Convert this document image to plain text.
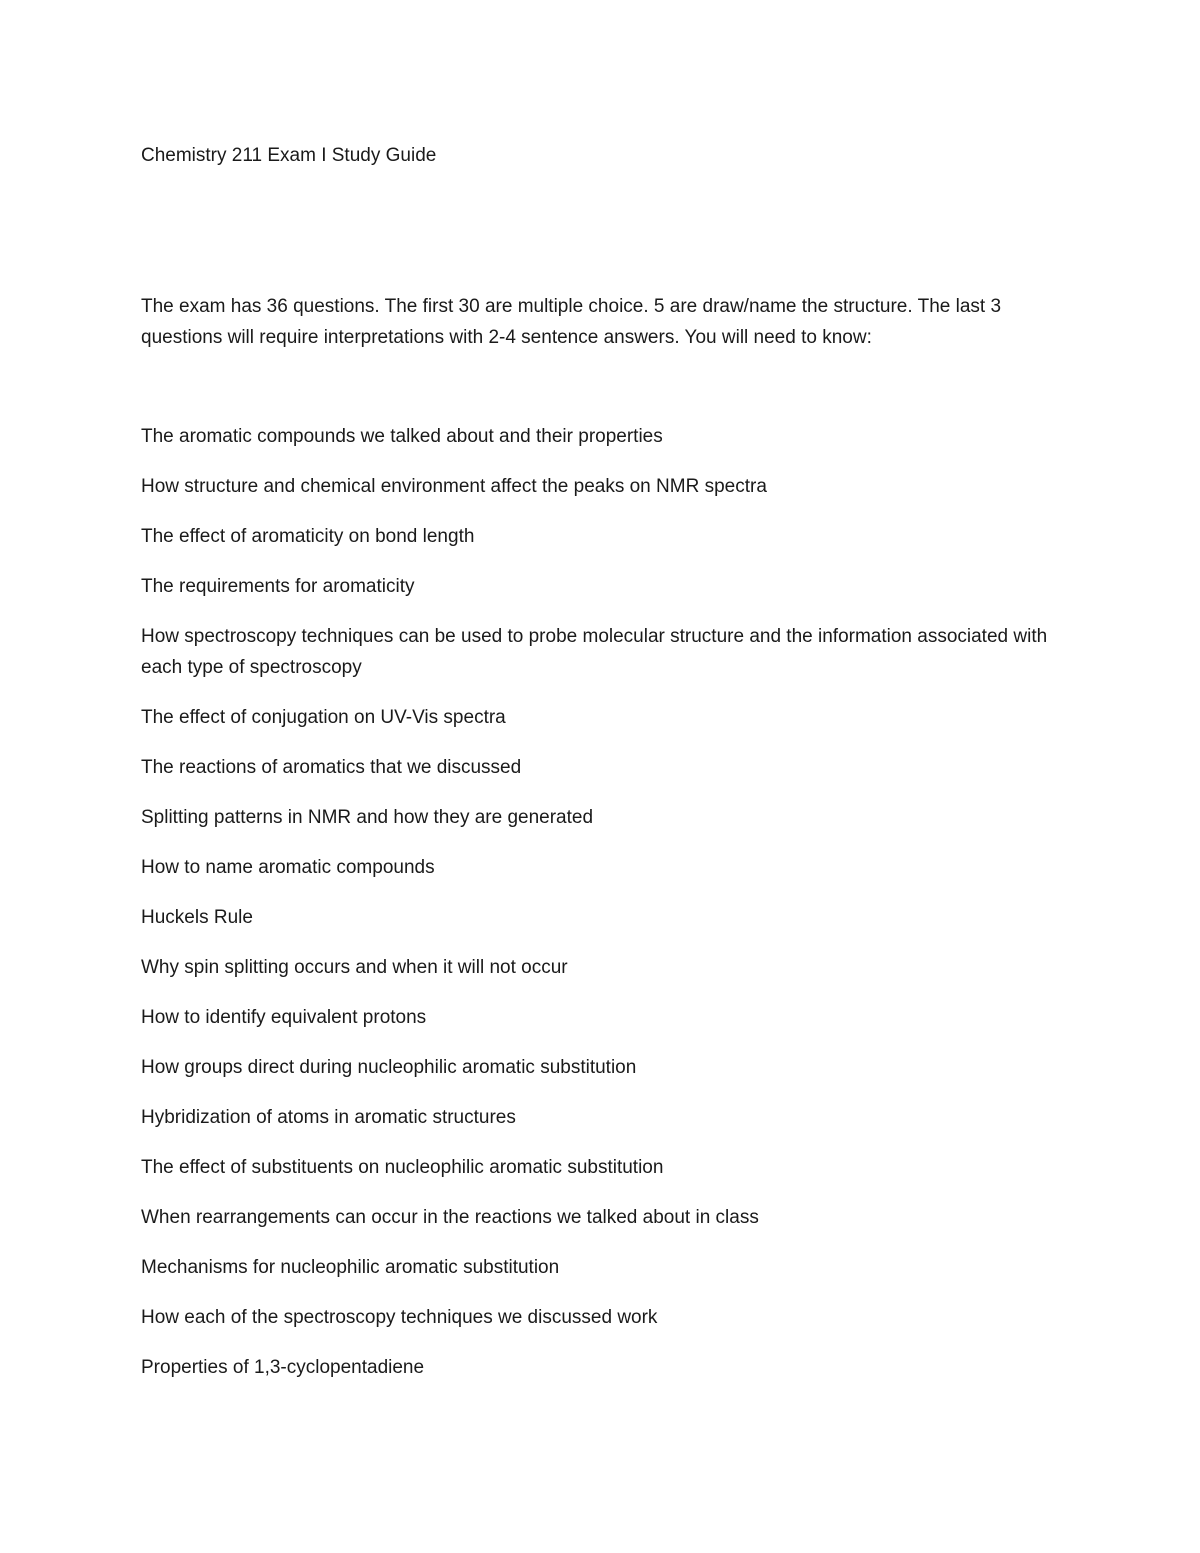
Chemistry 211 Exam I Study Guide

The exam has 36 questions. The first 30 are multiple choice. 5 are draw/name the structure. The last 3 questions will require interpretations with 2-4 sentence answers. You will need to know:

The aromatic compounds we talked about and their properties
How structure and chemical environment affect the peaks on NMR spectra
The effect of aromaticity on bond length
The requirements for aromaticity
How spectroscopy techniques can be used to probe molecular structure and the information associated with each type of spectroscopy
The effect of conjugation on UV-Vis spectra
The reactions of aromatics that we discussed
Splitting patterns in NMR and how they are generated
How to name aromatic compounds
Huckels Rule
Why spin splitting occurs and when it will not occur
How to identify equivalent protons
How groups direct during nucleophilic aromatic substitution
Hybridization of atoms in aromatic structures
The effect of substituents on nucleophilic aromatic substitution
When rearrangements can occur in the reactions we talked about in class
Mechanisms for nucleophilic aromatic substitution
How each of the spectroscopy techniques we discussed work
Properties of 1,3-cyclopentadiene
